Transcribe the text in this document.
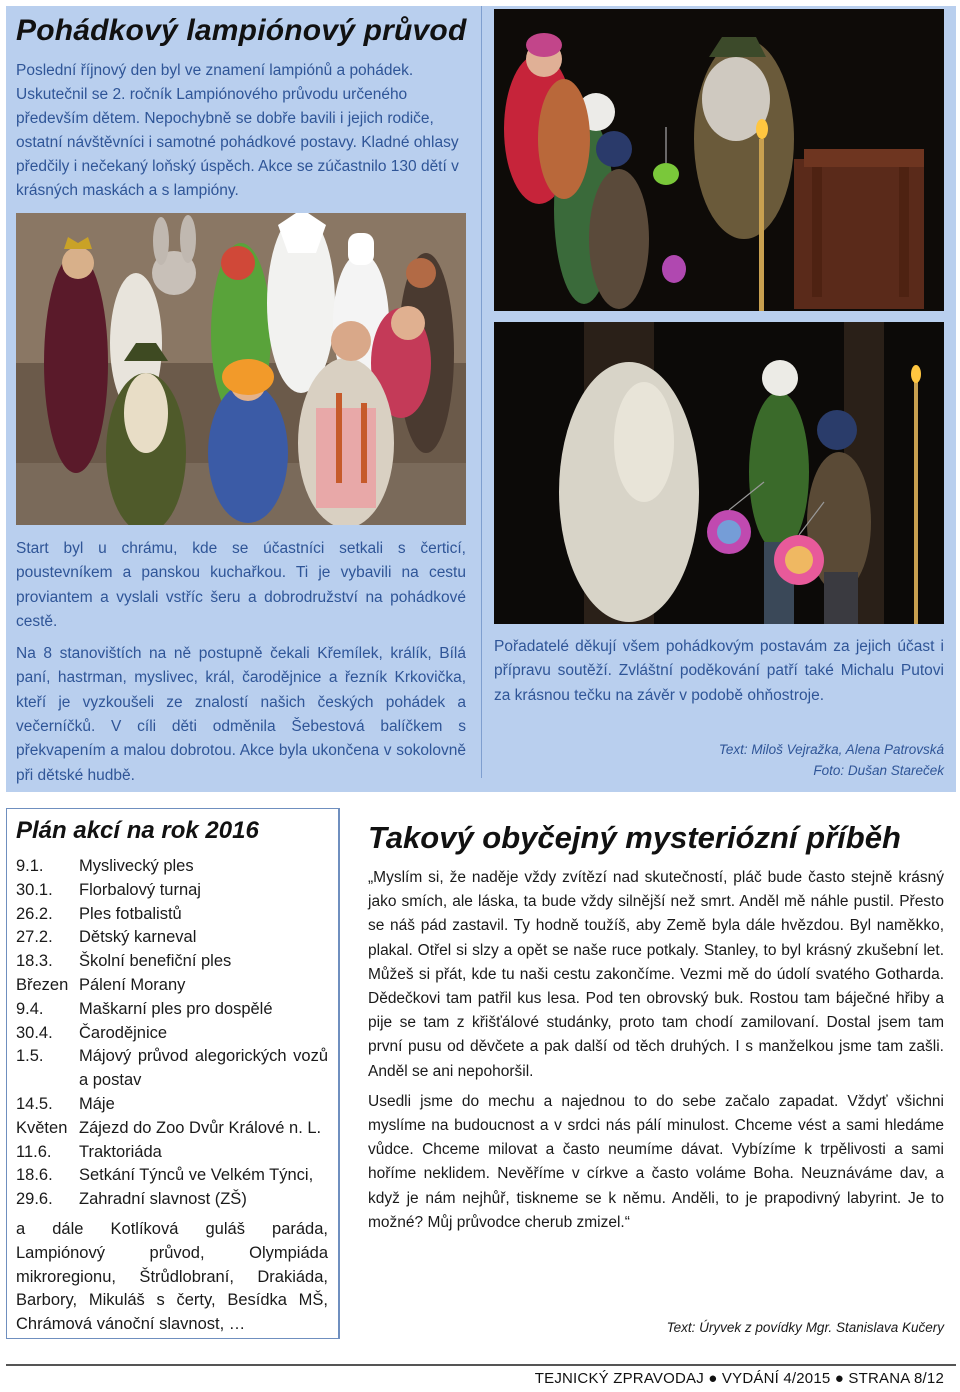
Pohádkový lampiónový průvod

Poslední říjnový den byl ve znamení lampiónů a pohádek. Uskutečnil se 2. ročník Lampiónového průvodu určeného především dětem. Nepochybně se dobře bavili i jejich rodiče, ostatní návštěvníci i samotné pohádkové postavy. Kladné ohlasy předčily i nečekaný loňský úspěch. Akce se zúčastnilo 130 dětí v krásných maskách a s lampióny.

Start byl u chrámu, kde se účastníci setkali s čerticí, poustevníkem a panskou kuchařkou. Ti je vybavili na cestu proviantem a vyslali vstříc šeru a dobrodružství na pohádkové cestě.

Na 8 stanovištích na ně postupně čekali Křemílek, králík, Bílá paní, hastrman, myslivec, král, čarodějnice a řezník Krkovička, kteří je vyzkoušeli ze znalostí našich českých pohádek a večerníčků. V cíli děti odměnila Šebestová balíčkem s překvapením a malou dobrotou. Akce byla ukončena v sokolovně při dětské hudbě.

Pořadatelé děkují všem pohádkovým postavám za jejich účast i přípravu soutěží. Zvláštní poděkování patří také Michalu Putovi za krásnou tečku na závěr v podobě ohňostroje.

Text: Miloš Vejražka, Alena Patrovská
Foto: Dušan Stareček
Plán akcí na rok 2016
9.1.	Myslivecký ples
30.1.	Florbalový turnaj
26.2.	Ples fotbalistů
27.2.	Dětský karneval
18.3.	Školní benefiční ples
Březen Pálení Morany
9.4.	Maškarní ples pro dospělé
30.4.	Čarodějnice
1.5.	Májový průvod alegorických vozů a postav
14.5.	Máje
Květen Zájezd do Zoo Dvůr Králové n. L.
11.6.	Traktoriáda
18.6.	Setkání Týnců ve Velkém Týnci,
29.6.	Zahradní slavnost (ZŠ)

a dále Kotlíková guláš paráda, Lampiónový průvod, Olympiáda mikroregionu, Štrůdlobraní, Drakiáda, Barbory, Mikuláš s čerty, Besídka MŠ, Chrámová vánoční slavnost, …

Takový obyčejný mysteriózní příběh

„Myslím si, že naděje vždy zvítězí nad skutečností, pláč bude často stejně krásný jako smích, ale láska, ta bude vždy silnější než smrt. Anděl mě náhle pustil. Přesto se náš pád zastavil. Ty hodně toužíš, aby Země byla dále hvězdou. Byl naměkko, plakal. Otřel si slzy a opět se naše ruce potkaly. Stanley, to byl krásný zkušební let. Můžeš si přát, kde tu naši cestu zakončíme. Vezmi mě do údolí svatého Gotharda. Dědečkovi tam patřil kus lesa. Pod ten obrovský buk. Rostou tam báječné hřiby a pije se tam z křišťálové studánky, proto tam chodí zamilovaní. Dostal jsem tam první pusu od děvčete a pak další od těch druhých. I s manželkou jsme tam zašli. Anděl se ani nepohoršil.

Usedli jsme do mechu a najednou to do sebe začalo zapadat. Vždyť všichni myslíme na budoucnost a v srdci nás pálí minulost. Chceme vést a sami hledáme vůdce. Chceme milovat a často neumíme dávat. Vybízíme k trpělivosti a sami hoříme neklidem. Nevěříme v církve a často voláme Boha. Neuznáváme dav, a když je nám nejhůř, tiskneme se k němu. Anděli, to je prapodivný labyrint. Je to možné? Můj průvodce cherub zmizel.“

Text: Úryvek z povídky Mgr. Stanislava Kučery
TEJNICKÝ ZPRAVODAJ ● VYDÁNÍ 4/2015 ● STRANA 8/12
